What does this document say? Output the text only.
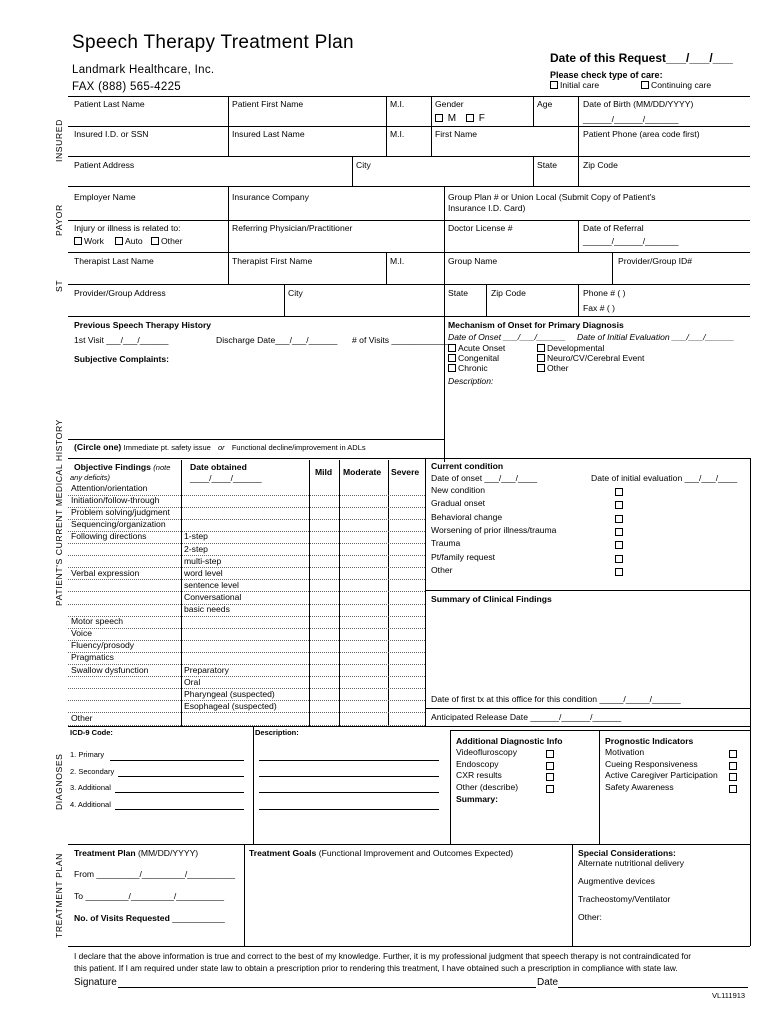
Speech Therapy Treatment Plan
Landmark Healthcare, Inc.
FAX (888) 565-4225
Date of this Request___/___/___
Please check type of care:
Initial care	Continuing care
INSURED
PAYOR
ST
PATIENT'S CURRENT MEDICAL HISTORY
DIAGNOSES
TREATMENT PLAN
Patient Last Name	Patient First Name	M.I.	Gender
M	F
Age	Date of Birth (MM/DD/YYYY)
______/______/_______
Insured I.D. or SSN	Insured Last Name	M.I.	First Name	Patient Phone (area code first)
Patient Address	City	State	Zip Code
Employer Name	Insurance Company	Group Plan # or Union Local (Submit Copy of Patient's
Insurance I.D. Card)
Injury or illness is related to:
Work	Auto	Other
Referring Physician/Practitioner	Doctor License #	Date of Referral
______/______/_______
Therapist Last Name	Therapist First Name	M.I.	Group Name	Provider/Group ID#
Provider/Group Address	City	State	Zip Code	Phone # ( )
Fax # ( )
Previous Speech Therapy History
1st Visit ___/___/______	Discharge Date___/___/______ # of Visits ____________
Subjective Complaints:
Mechanism of Onset for Primary Diagnosis
Date of Onset ___/___/______ Date of Initial Evaluation ___/___/______
Acute Onset	Developmental
Congenital	Neuro/CV/Cerebral Event
Chronic	Other
Description:
(Circle one) Immediate pt. safety issue or Functional decline/improvement in ADLs
Objective Findings (note
any deficits)
Date obtained
____/____/______
Mild Moderate Severe
Attention/orientation
Initiation/follow-through
Problem solving/judgment
Sequencing/organization
Following directions	1-step
2-step
multi-step
Verbal expression	word level
sentence level
Conversational
basic needs
Motor speech
Voice
Fluency/prosody
Pragmatics
Swallow dysfunction	Preparatory
Oral
Pharyngeal (suspected)
Esophageal (suspected)
Other
Current condition
Date of onset ___/___/____	Date of initial evaluation ___/___/____
New condition
Gradual onset
Behavioral change
Worsening of prior illness/trauma
Trauma
Pt/family request
Other
Summary of Clinical Findings
Date of first tx at this office for this condition _____/_____/______
Anticipated Release Date ______/______/______
ICD-9 Code:	Description:
1. Primary
2. Secondary
3. Additional
4. Additional
Additional Diagnostic Info
Videofluroscopy
Endoscopy
CXR results
Other (describe)
Summary:
Prognostic Indicators
Motivation
Cueing Responsiveness
Active Caregiver Participation
Safety Awareness
Treatment Plan (MM/DD/YYYY)
From _________/_________/__________
To _________/_________/__________
No. of Visits Requested ___________
Treatment Goals (Functional Improvement and Outcomes Expected)	Special Considerations:
Alternate nutritional delivery
Augmentive devices
Tracheostomy/Ventilator
Other:
I declare that the above information is true and correct to the best of my knowledge. Further, it is my professional judgment that speech therapy is not contraindicated for
this patient. If I am required under state law to obtain a prescription prior to rendering this treatment, I have obtained such a prescription in compliance with state law.
Signature	Date
VL111913
